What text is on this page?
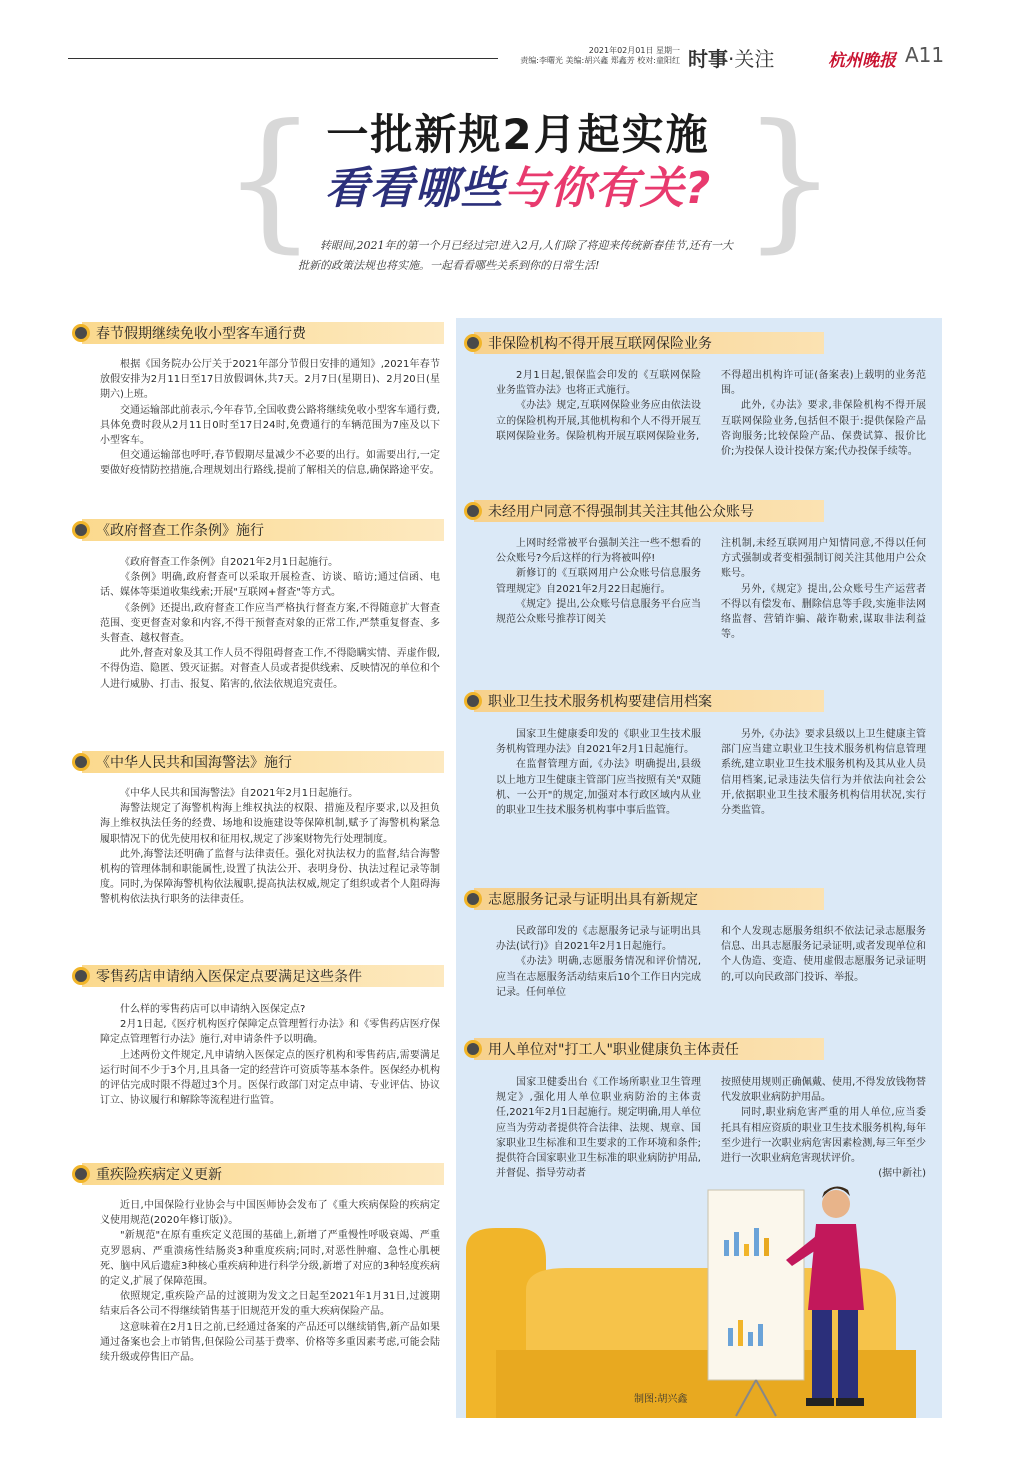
2021年02月01日 星期一
责编:李曙光 美编:胡兴鑫 郑鑫芳 校对:童阳红 时事·关注	杭州晚报 A11
{	}
一批新规2月起实施
看看哪些与你有关?
转眼间,2021年的第一个月已经过完!进入2月,人们除了将迎来传统新春佳节,还有一大批新的政策法规也将实施。一起看看哪些关系到你的日常生活!
春节假期继续免收小型客车通行费

根据《国务院办公厅关于2021年部分节假日安排的通知》,2021年春节放假安排为2月11日至17日放假调休,共7天。2月7日(星期日)、2月20日(星期六)上班。

交通运输部此前表示,今年春节,全国收费公路将继续免收小型客车通行费,具体免费时段从2月11日0时至17日24时,免费通行的车辆范围为7座及以下小型客车。

但交通运输部也呼吁,春节假期尽量减少不必要的出行。如需要出行,一定要做好疫情防控措施,合理规划出行路线,提前了解相关的信息,确保路途平安。

《政府督查工作条例》施行

《政府督查工作条例》自2021年2月1日起施行。

《条例》明确,政府督查可以采取开展检查、访谈、暗访;通过信函、电话、媒体等渠道收集线索;开展"互联网+督查"等方式。

《条例》还提出,政府督查工作应当严格执行督查方案,不得随意扩大督查范围、变更督查对象和内容,不得干预督查对象的正常工作,严禁重复督查、多头督查、越权督查。

此外,督查对象及其工作人员不得阻碍督查工作,不得隐瞒实情、弄虚作假,不得伪造、隐匿、毁灭证据。对督查人员或者提供线索、反映情况的单位和个人进行威胁、打击、报复、陷害的,依法依规追究责任。

《中华人民共和国海警法》施行

《中华人民共和国海警法》自2021年2月1日起施行。

海警法规定了海警机构海上维权执法的权限、措施及程序要求,以及担负海上维权执法任务的经费、场地和设施建设等保障机制,赋予了海警机构紧急履职情况下的优先使用权和征用权,规定了涉案财物先行处理制度。

此外,海警法还明确了监督与法律责任。强化对执法权力的监督,结合海警机构的管理体制和职能属性,设置了执法公开、表明身份、执法过程记录等制度。同时,为保障海警机构依法履职,提高执法权威,规定了组织或者个人阻碍海警机构依法执行职务的法律责任。

零售药店申请纳入医保定点要满足这些条件

什么样的零售药店可以申请纳入医保定点?

2月1日起,《医疗机构医疗保障定点管理暂行办法》和《零售药店医疗保障定点管理暂行办法》施行,对申请条件予以明确。

上述两份文件规定,凡申请纳入医保定点的医疗机构和零售药店,需要满足运行时间不少于3个月,且具备一定的经营许可资质等基本条件。医保经办机构的评估完成时限不得超过3个月。医保行政部门对定点申请、专业评估、协议订立、协议履行和解除等流程进行监管。

重疾险疾病定义更新

近日,中国保险行业协会与中国医师协会发布了《重大疾病保险的疾病定义使用规范(2020年修订版)》。

"新规范"在原有重疾定义范围的基础上,新增了严重慢性呼吸衰竭、严重克罗恩病、严重溃疡性结肠炎3种重度疾病;同时,对恶性肿瘤、急性心肌梗死、脑中风后遗症3种核心重疾病种进行科学分级,新增了对应的3种轻度疾病的定义,扩展了保障范围。

依照规定,重疾险产品的过渡期为发文之日起至2021年1月31日,过渡期结束后各公司不得继续销售基于旧规范开发的重大疾病保险产品。

这意味着在2月1日之前,已经通过备案的产品还可以继续销售,新产品如果通过备案也会上市销售,但保险公司基于费率、价格等多重因素考虑,可能会陆续升级或停售旧产品。

非保险机构不得开展互联网保险业务

2月1日起,银保监会印发的《互联网保险业务监管办法》也将正式施行。

《办法》规定,互联网保险业务应由依法设立的保险机构开展,其他机构和个人不得开展互联网保险业务。保险机构开展互联网保险业务,

不得超出机构许可证(备案表)上载明的业务范围。

此外,《办法》要求,非保险机构不得开展互联网保险业务,包括但不限于:提供保险产品咨询服务;比较保险产品、保费试算、报价比价;为投保人设计投保方案;代办投保手续等。

未经用户同意不得强制其关注其他公众账号

上网时经常被平台强制关注一些不想看的公众账号?今后这样的行为将被叫停!

新修订的《互联网用户公众账号信息服务管理规定》自2021年2月22日起施行。

《规定》提出,公众账号信息服务平台应当规范公众账号推荐订阅关

注机制,未经互联网用户知情同意,不得以任何方式强制或者变相强制订阅关注其他用户公众账号。

另外,《规定》提出,公众账号生产运营者不得以有偿发布、删除信息等手段,实施非法网络监督、营销诈骗、敲诈勒索,谋取非法利益等。

职业卫生技术服务机构要建信用档案

国家卫生健康委印发的《职业卫生技术服务机构管理办法》自2021年2月1日起施行。

在监督管理方面,《办法》明确提出,县级以上地方卫生健康主管部门应当按照有关"双随机、一公开"的规定,加强对本行政区域内从业的职业卫生技术服务机构事中事后监管。

另外,《办法》要求县级以上卫生健康主管部门应当建立职业卫生技术服务机构信息管理系统,建立职业卫生技术服务机构及其从业人员信用档案,记录违法失信行为并依法向社会公开,依据职业卫生技术服务机构信用状况,实行分类监管。

志愿服务记录与证明出具有新规定

民政部印发的《志愿服务记录与证明出具办法(试行)》自2021年2月1日起施行。

《办法》明确,志愿服务情况和评价情况,应当在志愿服务活动结束后10个工作日内完成记录。任何单位

和个人发现志愿服务组织不依法记录志愿服务信息、出具志愿服务记录证明,或者发现单位和个人伪造、变造、使用虚假志愿服务记录证明的,可以向民政部门投诉、举报。

用人单位对"打工人"职业健康负主体责任

国家卫健委出台《工作场所职业卫生管理规定》,强化用人单位职业病防治的主体责任,2021年2月1日起施行。规定明确,用人单位应当为劳动者提供符合法律、法规、规章、国家职业卫生标准和卫生要求的工作环境和条件;提供符合国家职业卫生标准的职业病防护用品,并督促、指导劳动者

按照使用规则正确佩戴、使用,不得发放钱物替代发放职业病防护用品。

同时,职业病危害严重的用人单位,应当委托具有相应资质的职业卫生技术服务机构,每年至少进行一次职业病危害因素检测,每三年至少进行一次职业病危害现状评价。

(据中新社)

制图:胡兴鑫
